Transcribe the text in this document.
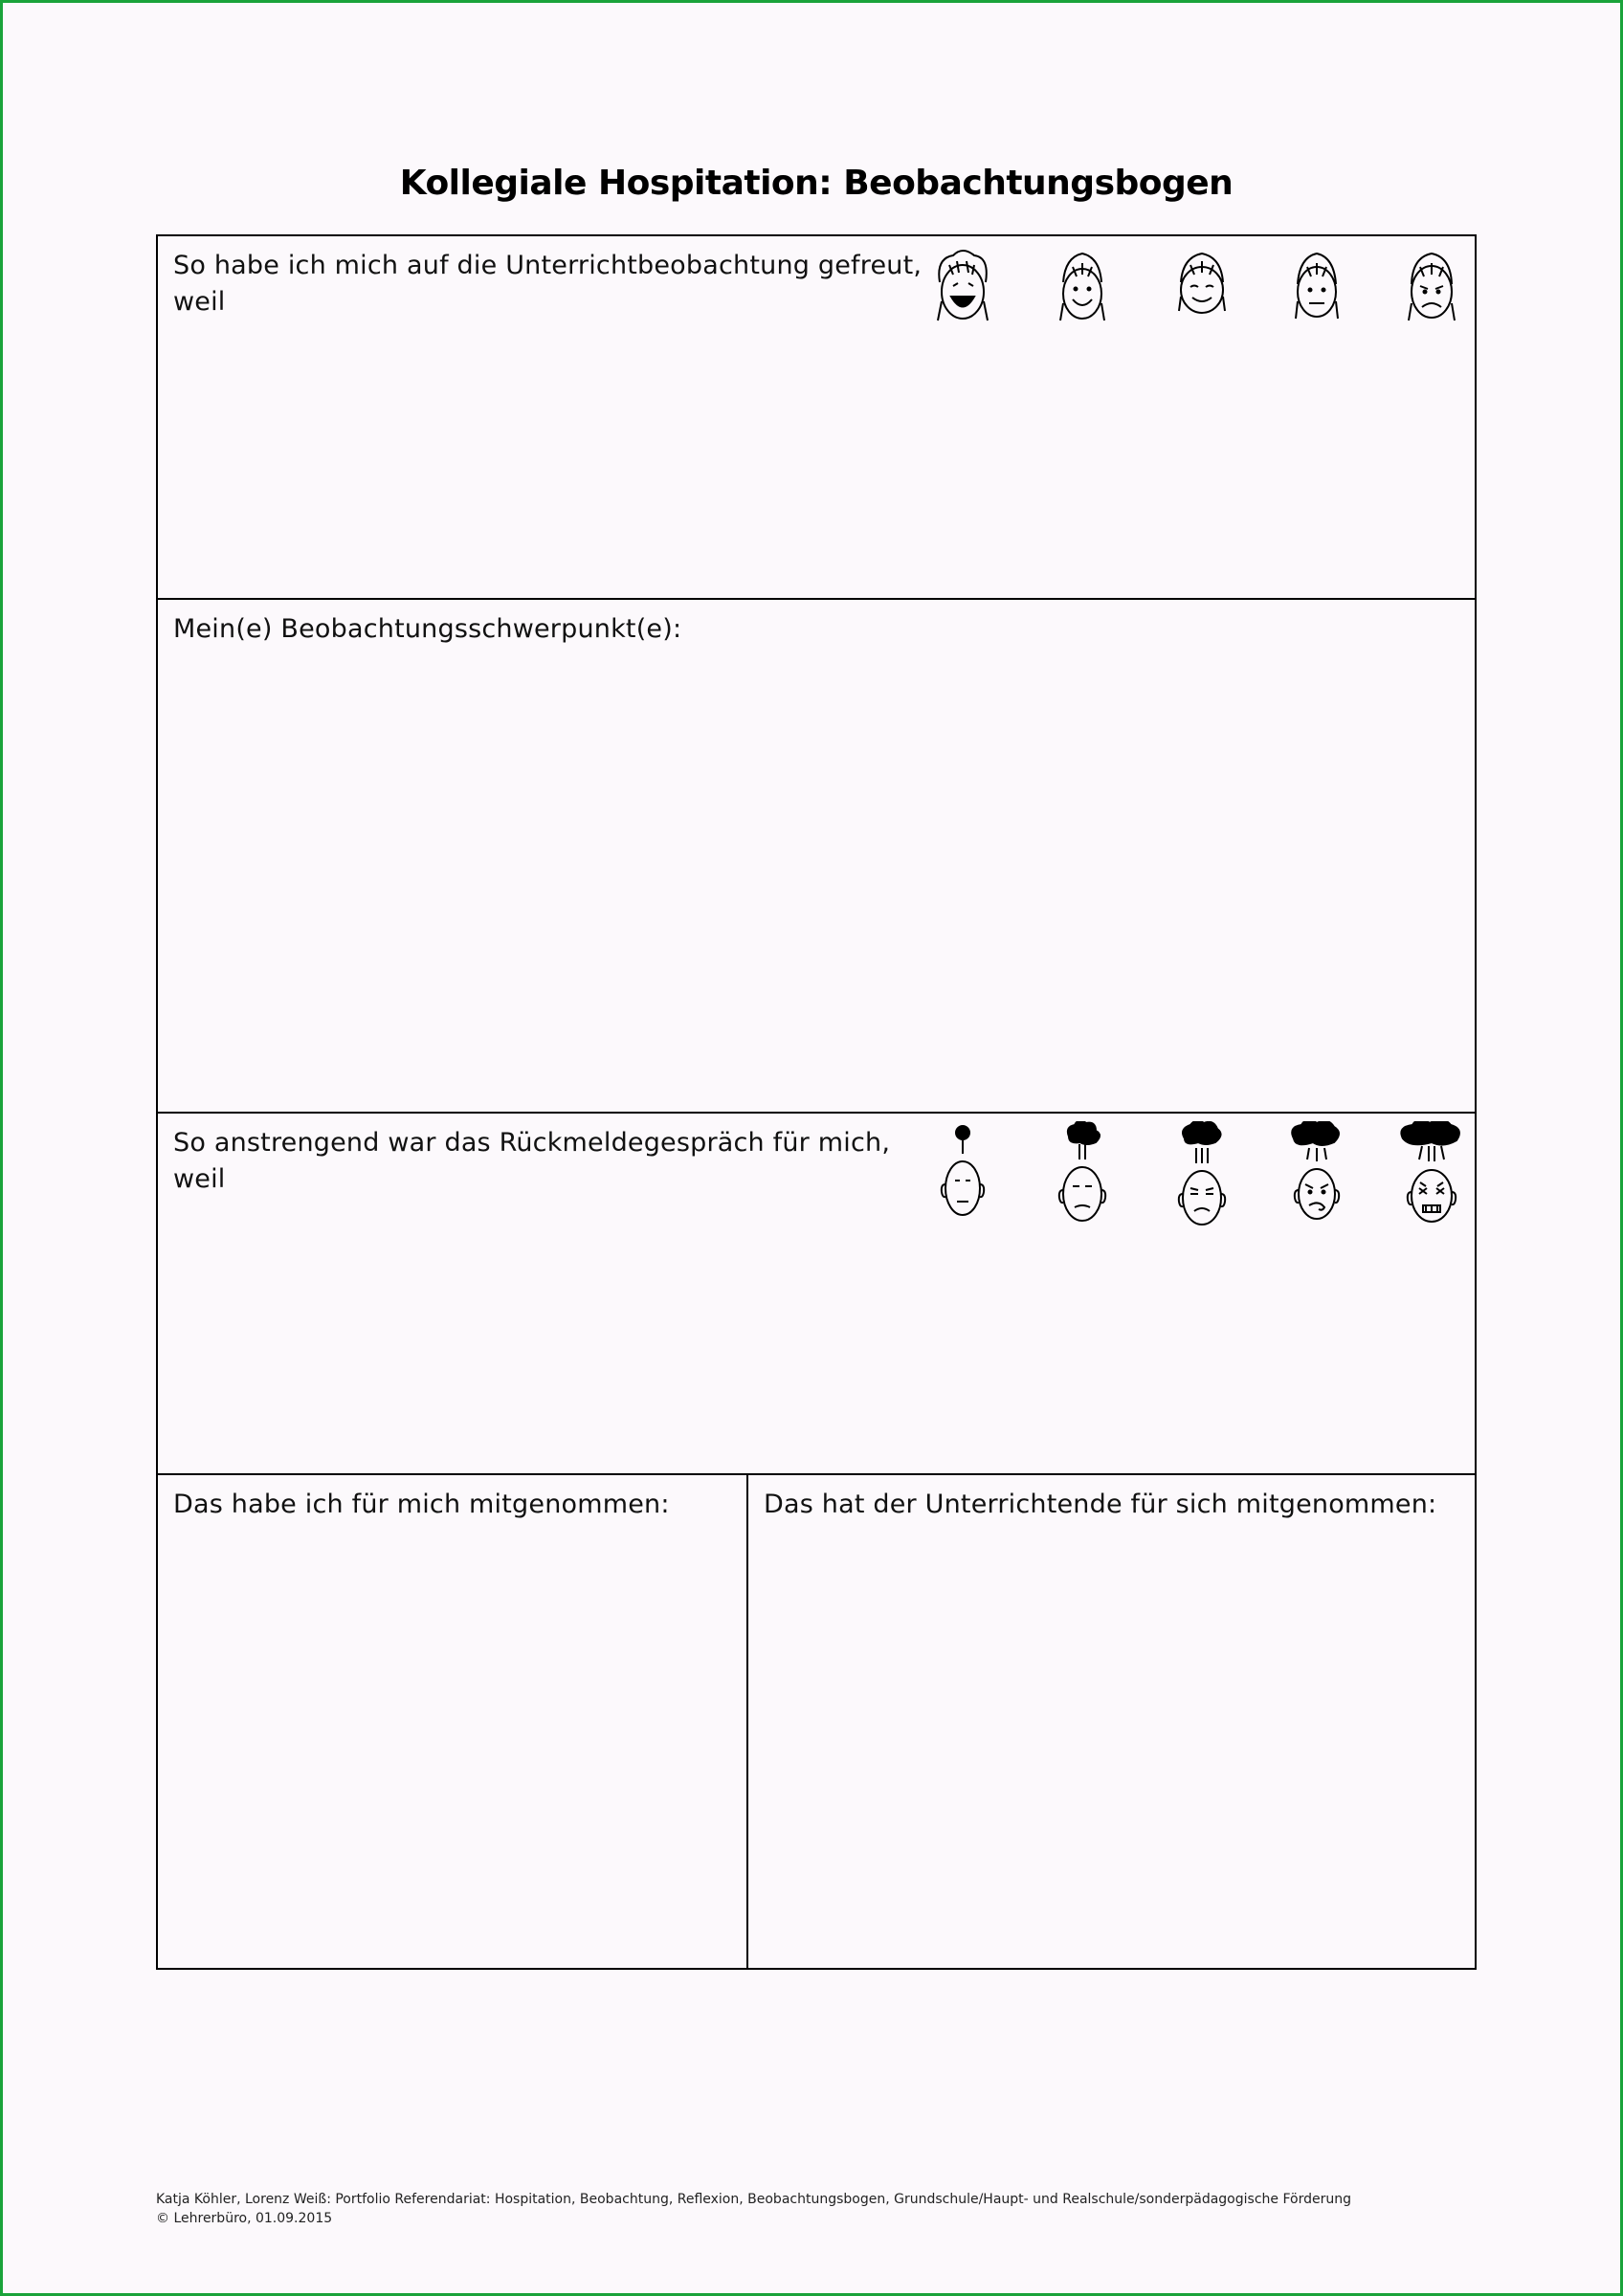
Kollegiale Hospitation: Beobachtungsbogen
So habe ich mich auf die Unterrichtbeobachtung gefreut,
weil
Mein(e) Beobachtungsschwerpunkt(e):
So anstrengend war das Rückmeldegespräch für mich,
weil
Das habe ich für mich mitgenommen:	Das hat der Unterrichtende für sich mitgenommen:
Katja Köhler, Lorenz Weiß: Portfolio Referendariat: Hospitation, Beobachtung, Reflexion, Beobachtungsbogen, Grundschule/Haupt- und Realschule/sonderpädagogische Förderung
© Lehrerbüro, 01.09.2015
